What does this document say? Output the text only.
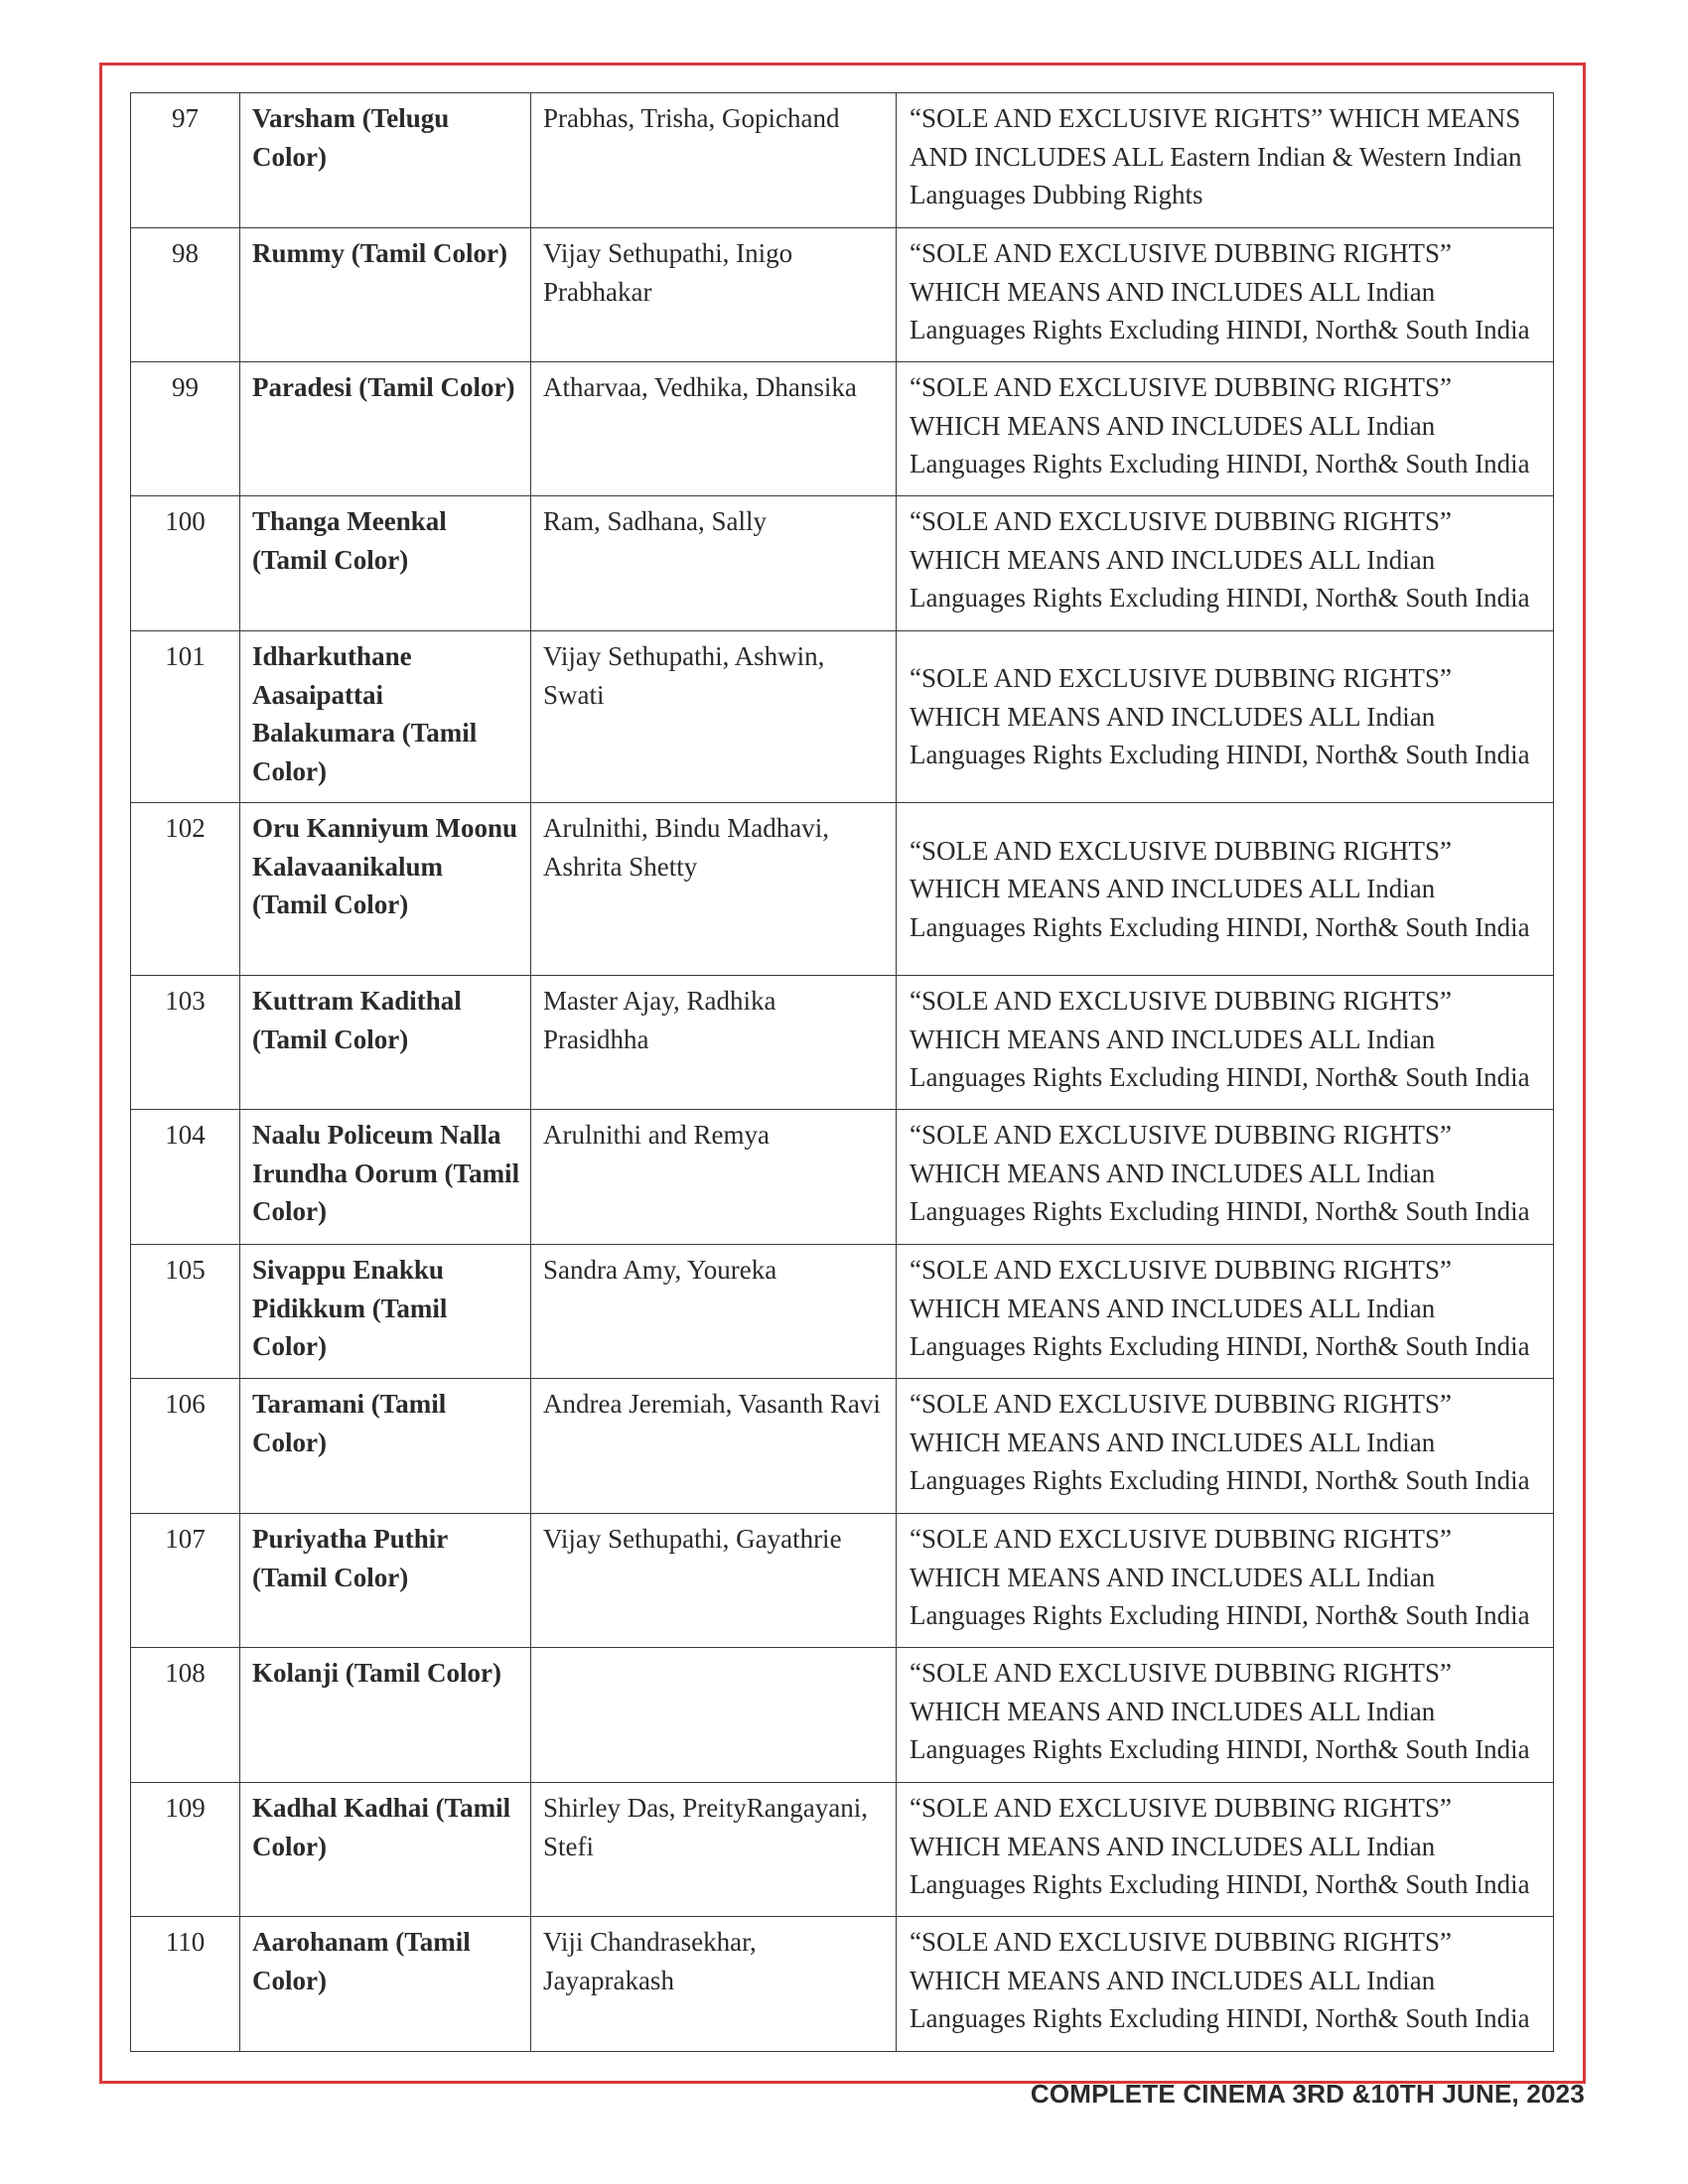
97	Varsham (Telugu Color)	Prabhas, Trisha, Gopichand	“SOLE AND EXCLUSIVE RIGHTS” WHICH MEANS AND INCLUDES ALL Eastern Indian & Western Indian Languages Dubbing Rights
98	Rummy (Tamil Color)	Vijay Sethupathi, Inigo Prabhakar	“SOLE AND EXCLUSIVE DUBBING RIGHTS” WHICH MEANS AND INCLUDES ALL Indian Languages Rights Excluding HINDI, North& South India
99	Paradesi (Tamil Color)	Atharvaa, Vedhika, Dhansika	“SOLE AND EXCLUSIVE DUBBING RIGHTS” WHICH MEANS AND INCLUDES ALL Indian Languages Rights Excluding HINDI, North& South India
100	Thanga Meenkal (Tamil Color)	Ram, Sadhana, Sally	“SOLE AND EXCLUSIVE DUBBING RIGHTS” WHICH MEANS AND INCLUDES ALL Indian Languages Rights Excluding HINDI, North& South India
101	Idharkuthane Aasaipattai Balakumara (Tamil Color)	Vijay Sethupathi, Ashwin, Swati	“SOLE AND EXCLUSIVE DUBBING RIGHTS” WHICH MEANS AND INCLUDES ALL Indian Languages Rights Excluding HINDI, North& South India
102	Oru Kanniyum Moonu Kalavaanikalum (Tamil Color)	Arulnithi, Bindu Madhavi, Ashrita Shetty	“SOLE AND EXCLUSIVE DUBBING RIGHTS” WHICH MEANS AND INCLUDES ALL Indian Languages Rights Excluding HINDI, North& South India
103	Kuttram Kadithal (Tamil Color)	Master Ajay, Radhika Prasidhha	“SOLE AND EXCLUSIVE DUBBING RIGHTS” WHICH MEANS AND INCLUDES ALL Indian Languages Rights Excluding HINDI, North& South India
104	Naalu Policeum Nalla Irundha Oorum (Tamil Color)	Arulnithi and Remya	“SOLE AND EXCLUSIVE DUBBING RIGHTS” WHICH MEANS AND INCLUDES ALL Indian Languages Rights Excluding HINDI, North& South India
105	Sivappu Enakku Pidikkum (Tamil Color)	Sandra Amy, Youreka	“SOLE AND EXCLUSIVE DUBBING RIGHTS” WHICH MEANS AND INCLUDES ALL Indian Languages Rights Excluding HINDI, North& South India
106	Taramani (Tamil Color)	Andrea Jeremiah, Vasanth Ravi	“SOLE AND EXCLUSIVE DUBBING RIGHTS” WHICH MEANS AND INCLUDES ALL Indian Languages Rights Excluding HINDI, North& South India
107	Puriyatha Puthir (Tamil Color)	Vijay Sethupathi, Gayathrie	“SOLE AND EXCLUSIVE DUBBING RIGHTS” WHICH MEANS AND INCLUDES ALL Indian Languages Rights Excluding HINDI, North& South India
108	Kolanji (Tamil Color)		“SOLE AND EXCLUSIVE DUBBING RIGHTS” WHICH MEANS AND INCLUDES ALL Indian Languages Rights Excluding HINDI, North& South India
109	Kadhal Kadhai (Tamil Color)	Shirley Das, PreityRangayani, Stefi	“SOLE AND EXCLUSIVE DUBBING RIGHTS” WHICH MEANS AND INCLUDES ALL Indian Languages Rights Excluding HINDI, North& South India
110	Aarohanam (Tamil Color)	Viji Chandrasekhar, Jayaprakash	“SOLE AND EXCLUSIVE DUBBING RIGHTS” WHICH MEANS AND INCLUDES ALL Indian Languages Rights Excluding HINDI, North& South India
COMPLETE CINEMA 3RD &10TH JUNE, 2023
